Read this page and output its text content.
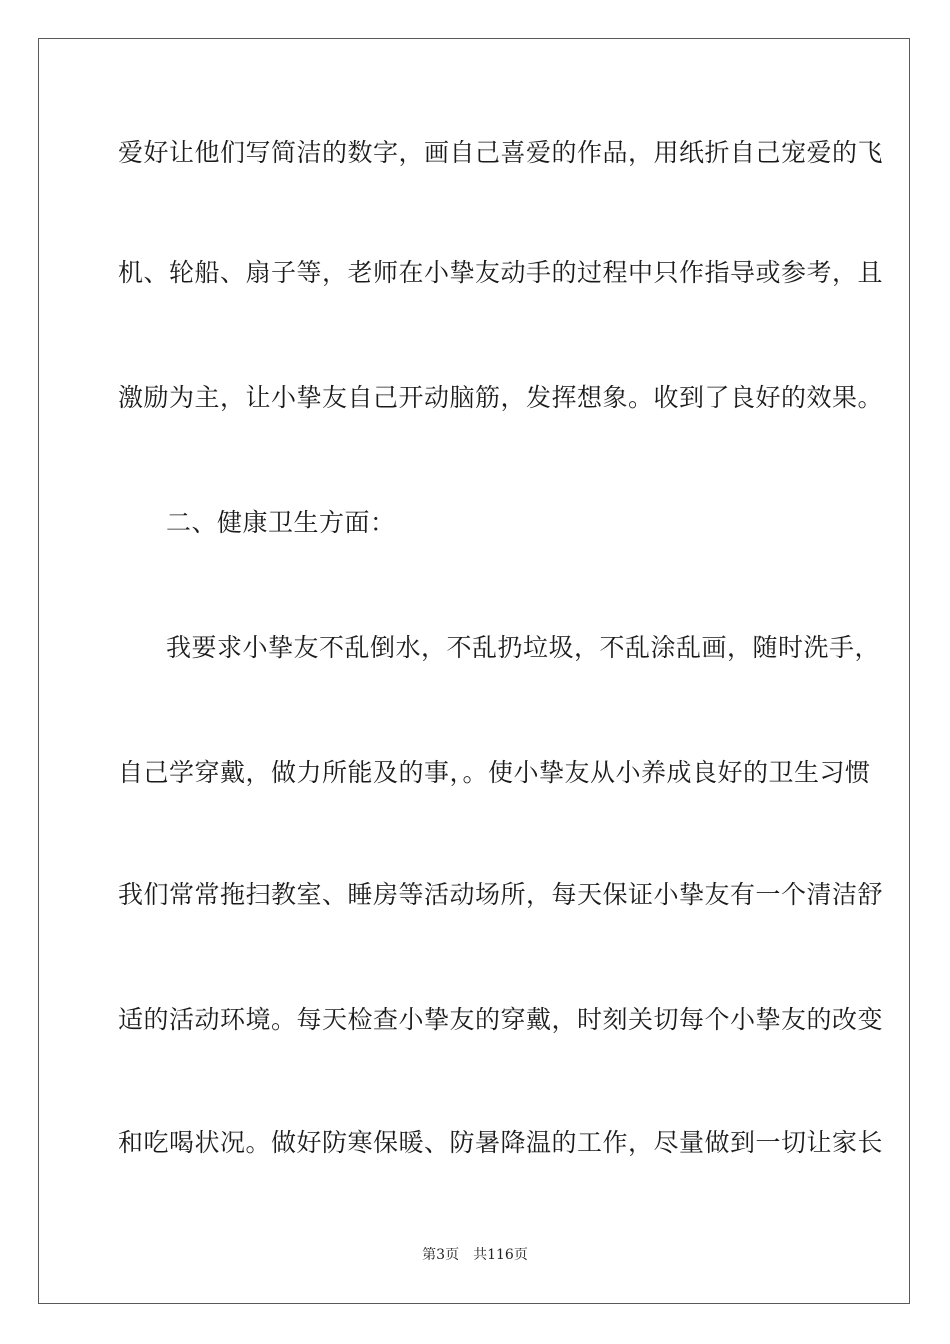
爱好让他们写简洁的数字，画自己喜爱的作品，用纸折自己宠爱的飞
机、轮船、扇子等，老师在小挚友动手的过程中只作指导或参考，且
激励为主，让小挚友自己开动脑筋，发挥想象。收到了良好的效果。
二、健康卫生方面：
我要求小挚友不乱倒水，不乱扔垃圾，不乱涂乱画，随时洗手，
自己学穿戴，做力所能及的事，。使小挚友从小养成良好的卫生习惯
我们常常拖扫教室、睡房等活动场所，每天保证小挚友有一个清洁舒
适的活动环境。每天检查小挚友的穿戴，时刻关切每个小挚友的改变
和吃喝状况。做好防寒保暖、防暑降温的工作，尽量做到一切让家长
第3页 共116页
